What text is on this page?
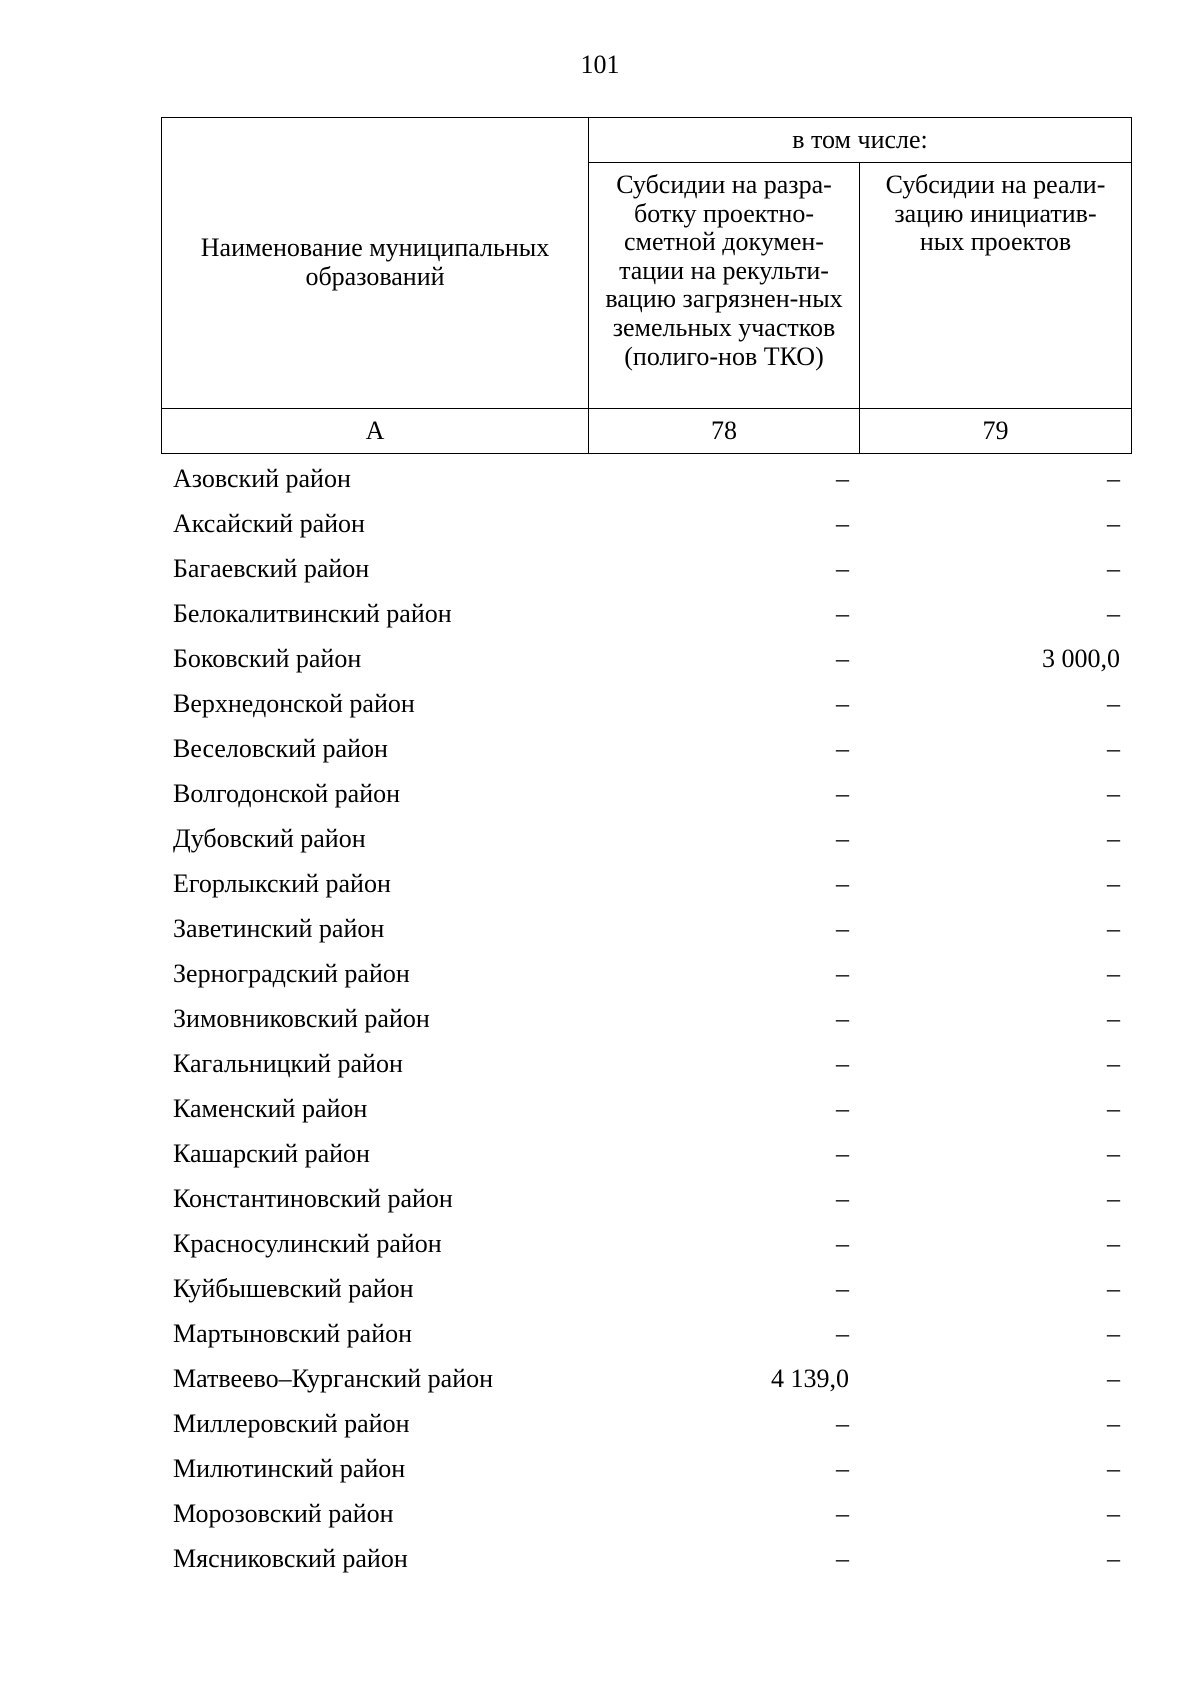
101
Наименование муниципальных образований	в том числе:	

	Субсидии на разра-ботку проектно-сметной докумен-тации на рекульти-вацию загрязнен-ных земельных участков (полиго-нов ТКО)	Субсидии на реали-зацию инициатив-ных проектов

А	78	79
Азовский район	–	–
Аксайский район	–	–
Багаевский район	–	–
Белокалитвинский район	–	–
Боковский район	–	3 000,0
Верхнедонской район	–	–
Веселовский район	–	–
Волгодонской район	–	–
Дубовский район	–	–
Егорлыкский район	–	–
Заветинский район	–	–
Зерноградский район	–	–
Зимовниковский район	–	–
Кагальницкий район	–	–
Каменский район	–	–
Кашарский район	–	–
Константиновский район	–	–
Красносулинский район	–	–
Куйбышевский район	–	–
Мартыновский район	–	–
Матвеево–Курганский район	4 139,0	–
Миллеровский район	–	–
Милютинский район	–	–
Морозовский район	–	–
Мясниковский район	–	–
